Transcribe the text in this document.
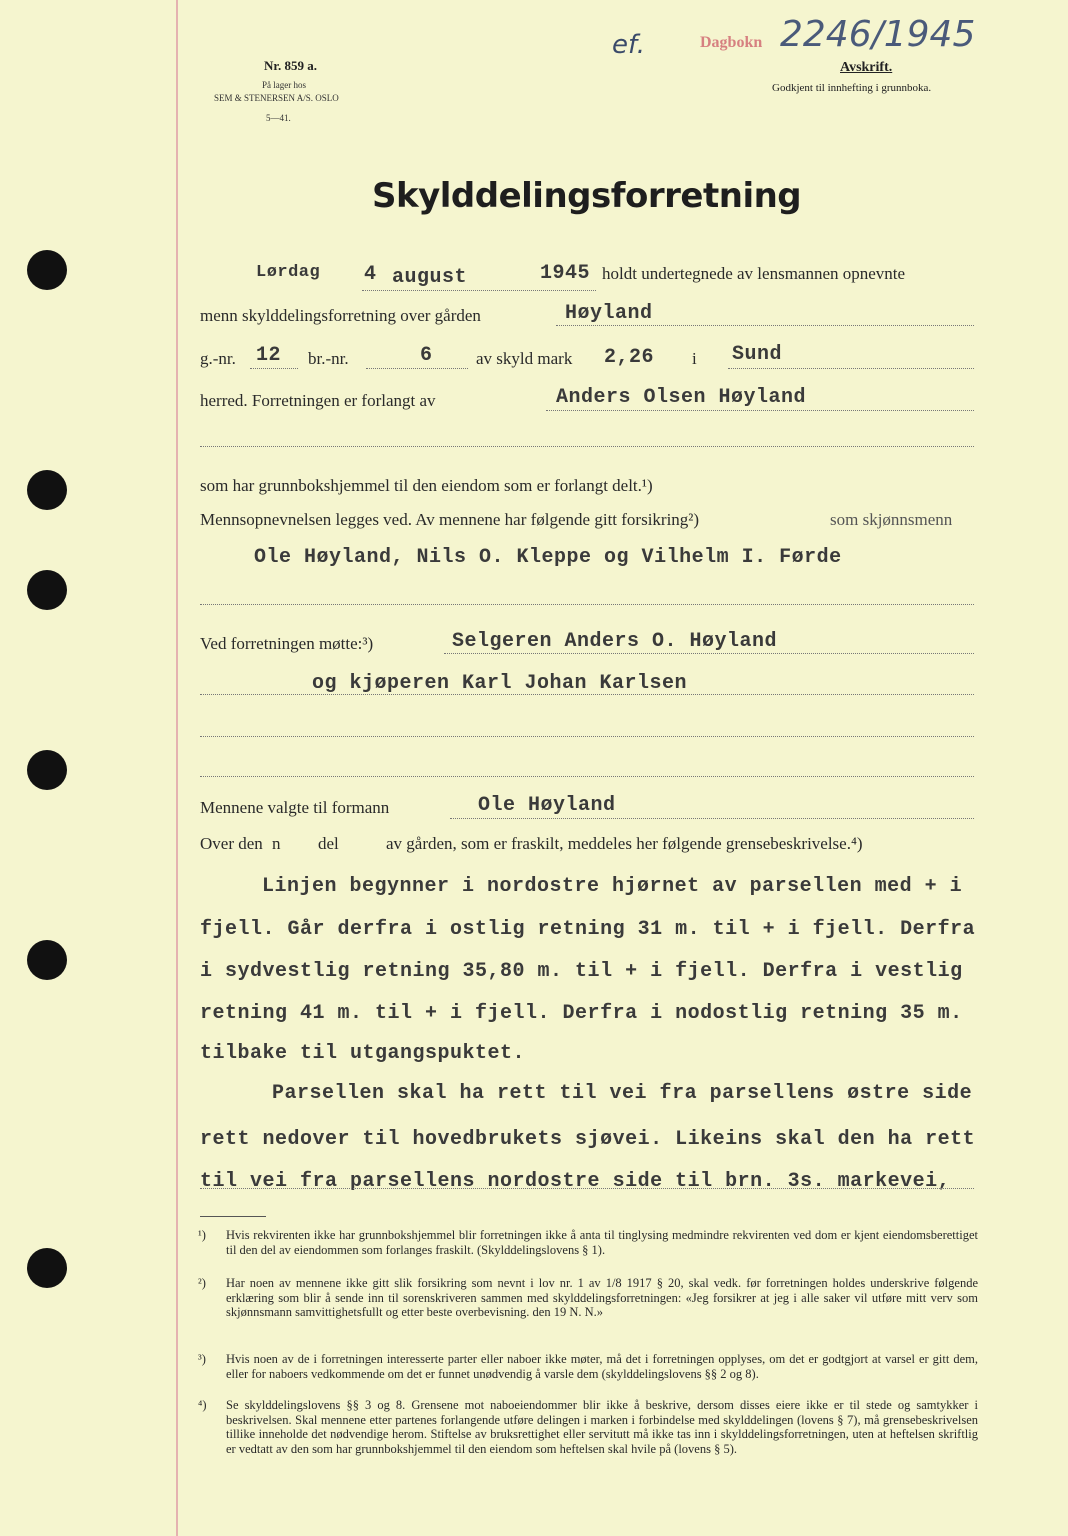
Nr. 859 a.
På lager hos
SEM & STENERSEN A/S. OSLO
5—41.
ef.	Dagbokn 2246/1945
Avskrift.
Godkjent til innhefting i grunnboka.
Skylddelingsforretning
Lørdag 4 august	1945 holdt undertegnede av lensmannen opnevnte
menn skylddelingsforretning over gården	Høyland
g.-nr. 12 br.-nr.	6	av skyld mark 2,26 i Sund
herred. Forretningen er forlangt av	Anders Olsen Høyland
som har grunnbokshjemmel til den eiendom som er forlangt delt.¹)
Mennsopnevnelsen legges ved. Av mennene har følgende gitt forsikring²)	som skjønnsmenn
Ole Høyland, Nils O. Kleppe og Vilhelm I. Førde
Ved forretningen møtte:³)	Selgeren Anders O. Høyland
og kjøperen Karl Johan Karlsen
Mennene valgte til formann	Ole Høyland
Over den n del	av gården, som er fraskilt, meddeles her følgende grensebeskrivelse.⁴)
Linjen begynner i nordostre hjørnet av parsellen med + i
fjell. Går derfra i ostlig retning 31 m. til + i fjell. Derfra
i sydvestlig retning 35,80 m. til + i fjell. Derfra i vestlig
retning 41 m. til + i fjell. Derfra i nodostlig retning 35 m.
tilbake til utgangspuktet.
Parsellen skal ha rett til vei fra parsellens østre side
rett nedover til hovedbrukets sjøvei. Likeins skal den ha rett
til vei fra parsellens nordostre side til brn. 3s. markevei,
¹) Hvis rekvirenten ikke har grunnbokshjemmel blir forretningen ikke å anta til tinglysing medmindre rekvirenten ved dom er kjent eiendomsberettiget til den del av eiendommen som forlanges fraskilt. (Skylddelingslovens § 1).
²) Har noen av mennene ikke gitt slik forsikring som nevnt i lov nr. 1 av 1/8 1917 § 20, skal vedk. før forretningen holdes underskrive følgende erklæring som blir å sende inn til sorenskriveren sammen med skylddelingsforretningen: «Jeg forsikrer at jeg i alle saker vil utføre mitt verv som skjønnsmann samvittighetsfullt og etter beste overbevisning. den 19 N. N.»
³) Hvis noen av de i forretningen interesserte parter eller naboer ikke møter, må det i forretningen opplyses, om det er godtgjort at varsel er gitt dem, eller for naboers vedkommende om det er funnet unødvendig å varsle dem (skylddelingslovens §§ 2 og 8).
⁴) Se skylddelingslovens §§ 3 og 8. Grensene mot naboeiendommer blir ikke å beskrive, dersom disses eiere ikke er til stede og samtykker i beskrivelsen. Skal mennene etter partenes forlangende utføre delingen i marken i forbindelse med skylddelingen (lovens § 7), må grensebeskrivelsen tillike inneholde det nødvendige herom. Stiftelse av bruksrettighet eller servitutt må ikke tas inn i skylddelingsforretningen, uten at heftelsen skriftlig er vedtatt av den som har grunnbokshjemmel til den eiendom som heftelsen skal hvile på (lovens § 5).
